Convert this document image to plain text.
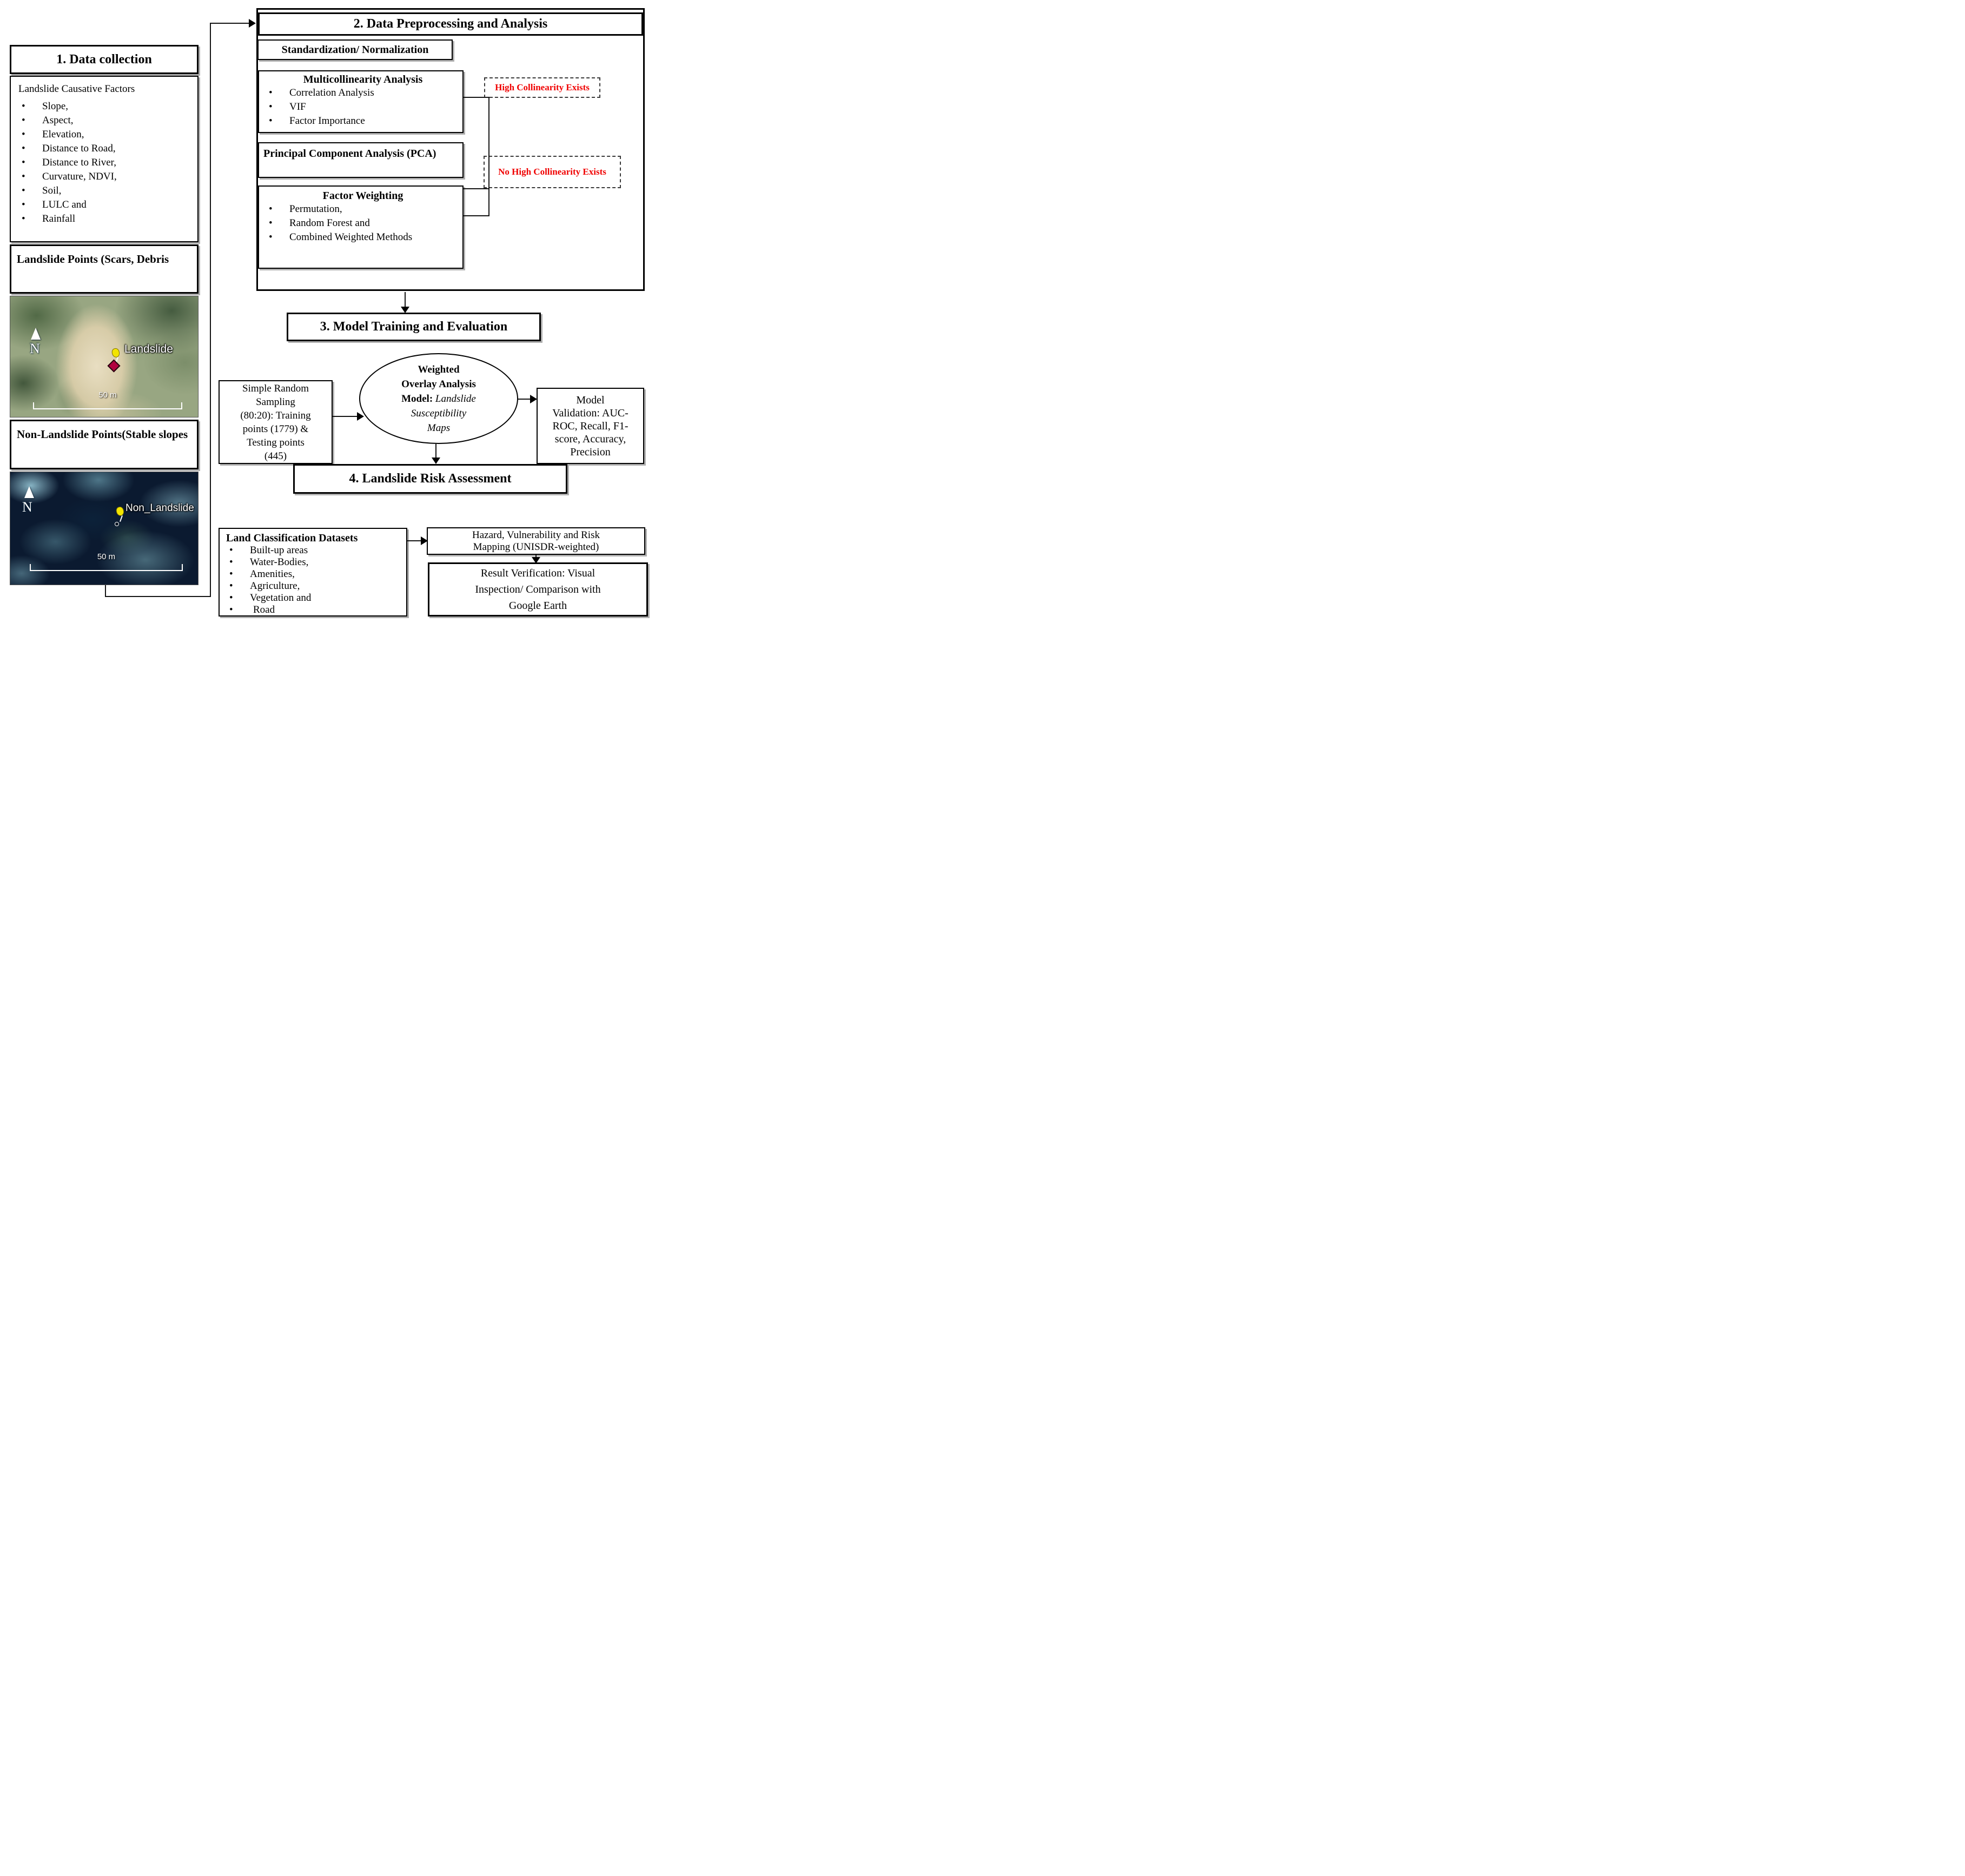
1. Data collection
Landslide Causative Factors
•	Slope,
•	Aspect,
•	Elevation,
•	Distance to Road,
•	Distance to River,
•	Curvature, NDVI,
•	Soil,
•	LULC and
•	Rainfall
Landslide Points (Scars, Debris
N	Landslide
50 m
Non-Landslide Points(Stable slopes
N	Non_Landslide
50 m
2. Data Preprocessing and Analysis
Standardization/ Normalization
Multicollinearity Analysis
•	Correlation Analysis
•	VIF
•	Factor Importance
High Collinearity Exists
Principal Component Analysis (PCA)
No High Collinearity Exists
Factor Weighting
•	Permutation,
•	Random Forest and
•	Combined Weighted Methods
3. Model Training and Evaluation
Simple Random
Sampling
(80:20): Training
points (1779) &
Testing points
(445)
Weighted
Overlay Analysis
Model: Landslide
Susceptibility
Maps
Model
Validation: AUC-
ROC, Recall, F1-
score, Accuracy,
Precision
4. Landslide Risk Assessment
Land Classification Datasets
•	Built-up areas
•	Water-Bodies,
•	Amenities,
•	Agriculture,
•	Vegetation and
•	Road
Hazard, Vulnerability and Risk
Mapping (UNISDR-weighted)
Result Verification: Visual
Inspection/ Comparison with
Google Earth
